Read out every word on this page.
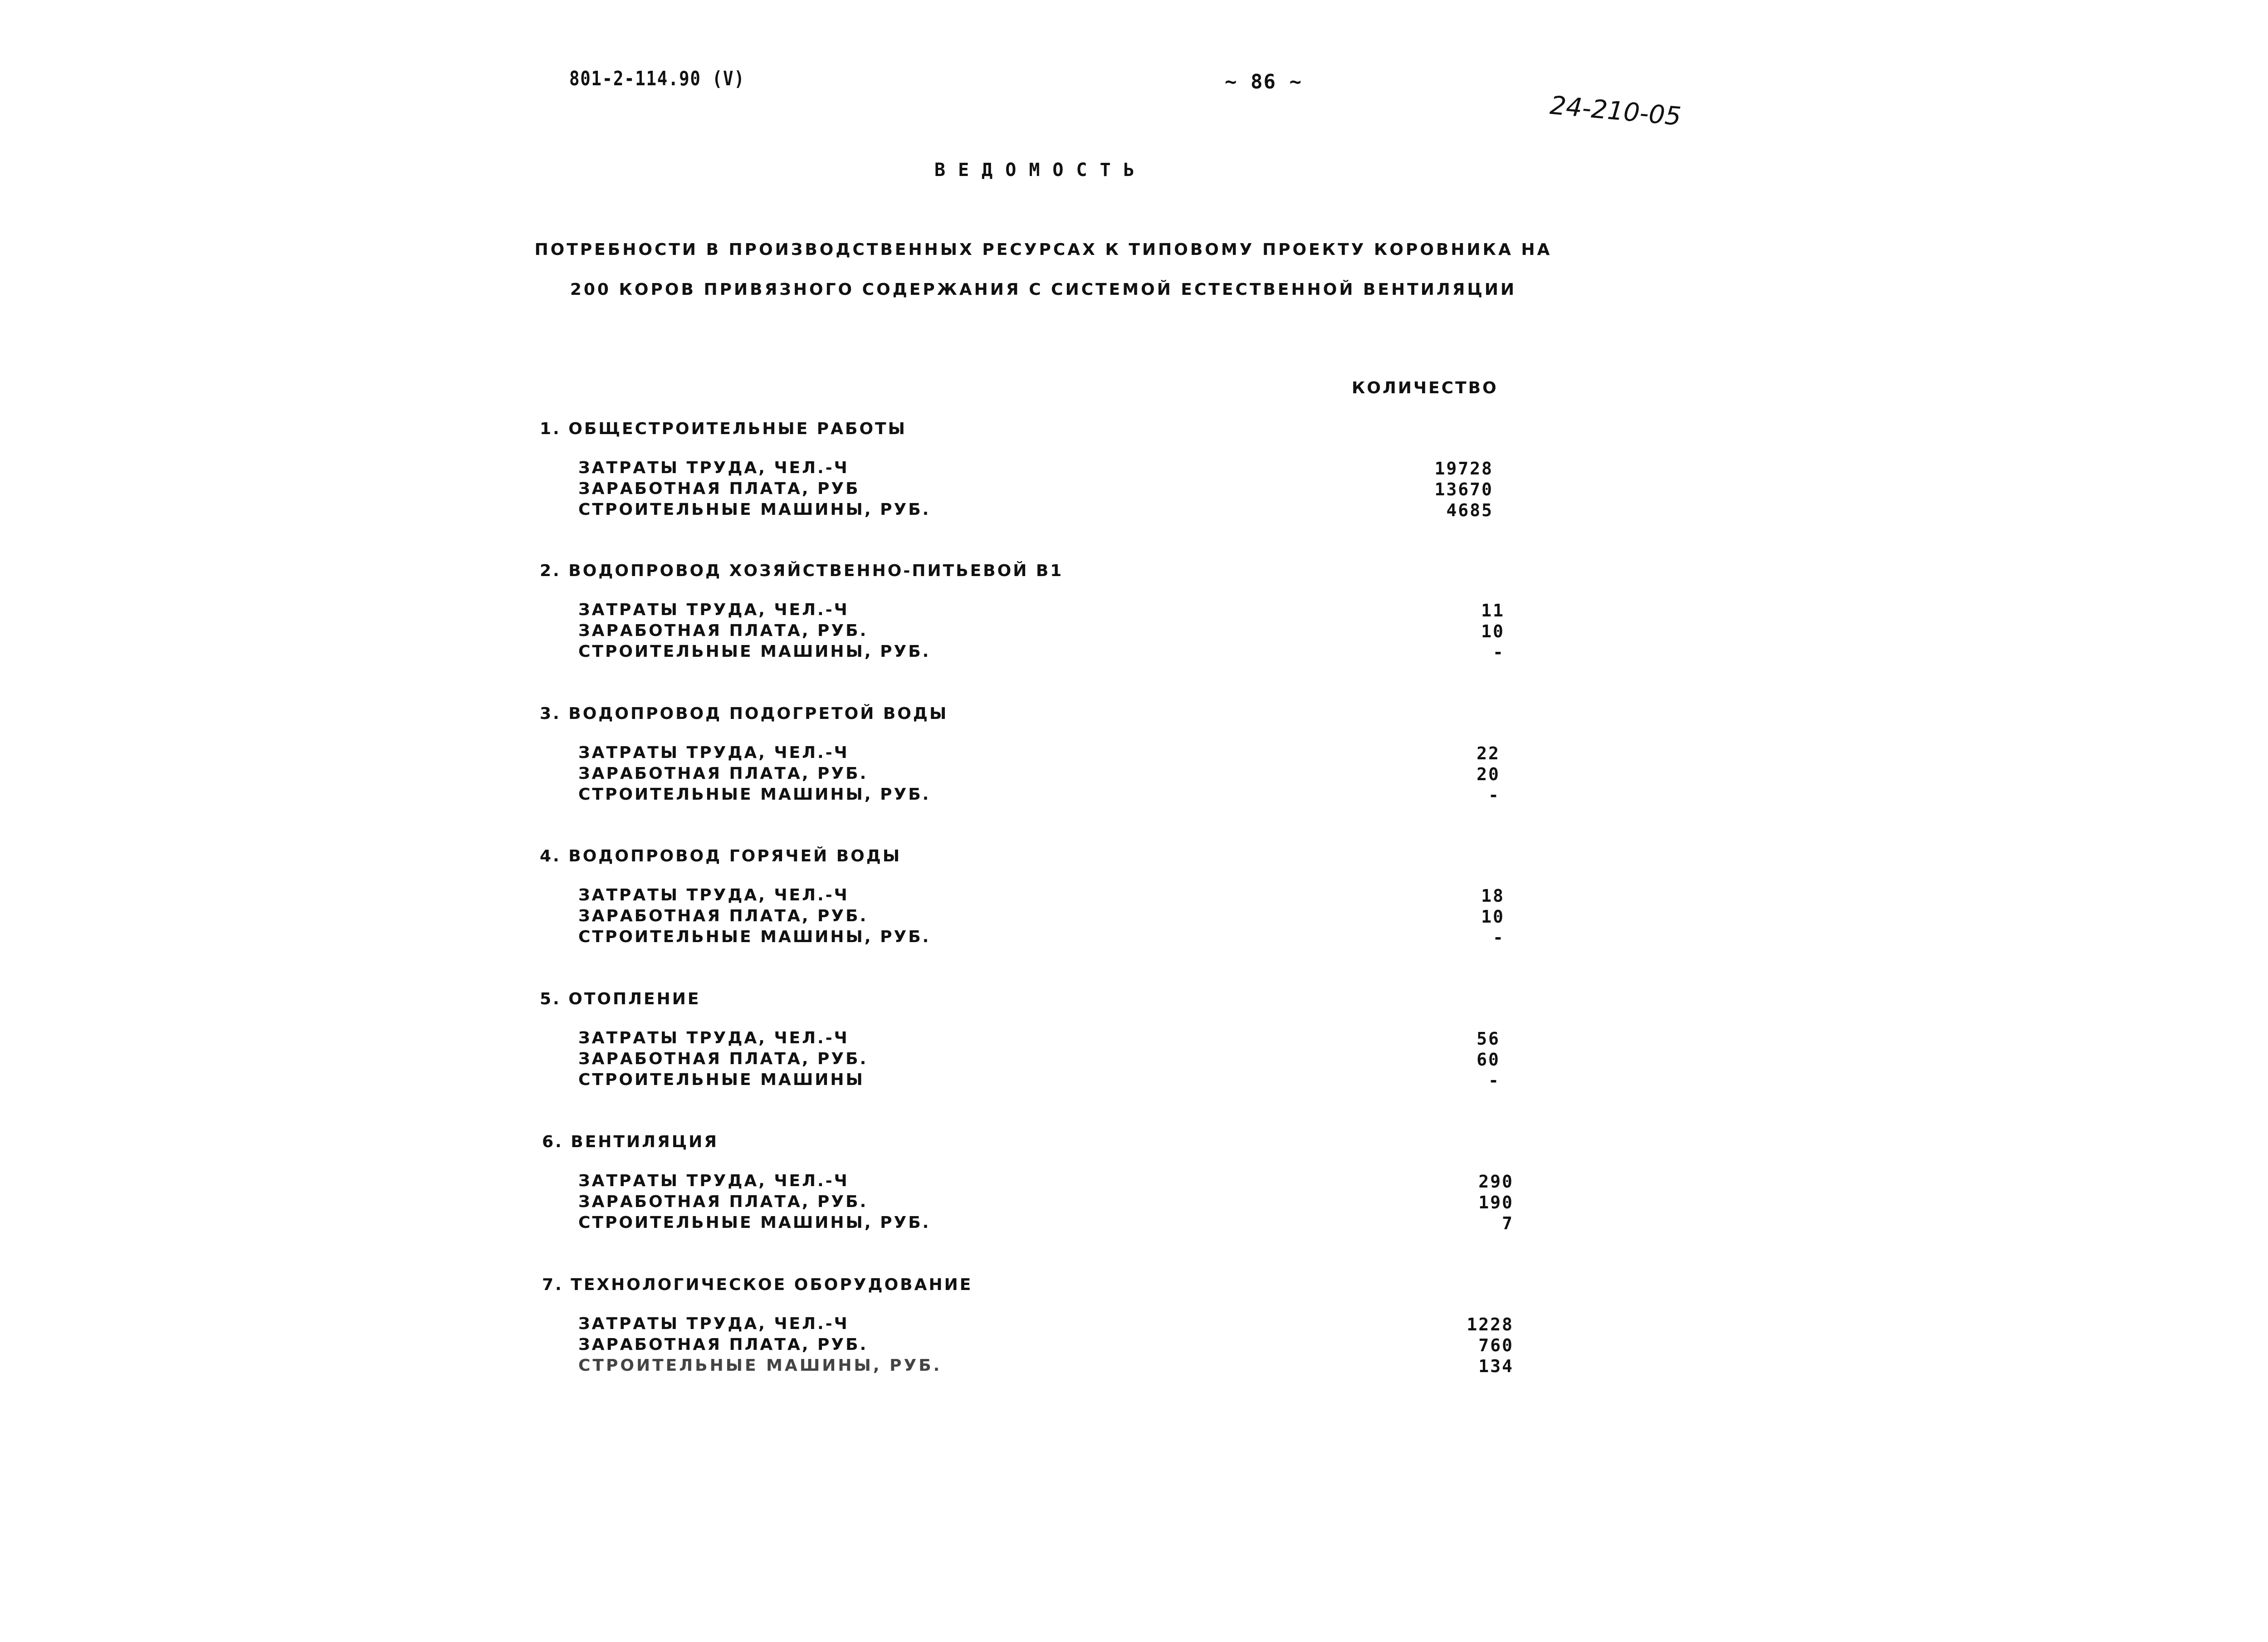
801-2-114.90 (V)	~ 86 ~
24-210-05
ВЕДОМОСТЬ
ПОТРЕБНОСТИ В ПРОИЗВОДСТВЕННЫХ РЕСУРСАХ К ТИПОВОМУ ПРОЕКТУ КОРОВНИКА НА
200 КОРОВ ПРИВЯЗНОГО СОДЕРЖАНИЯ С СИСТЕМОЙ ЕСТЕСТВЕННОЙ ВЕНТИЛЯЦИИ
КОЛИЧЕСТВО
1. ОБЩЕСТРОИТЕЛЬНЫЕ РАБОТЫ
ЗАТРАТЫ ТРУДА, ЧЕЛ.-Ч	19728
ЗАРАБОТНАЯ ПЛАТА, РУБ	13670
СТРОИТЕЛЬНЫЕ МАШИНЫ, РУБ.	4685
2. ВОДОПРОВОД ХОЗЯЙСТВЕННО-ПИТЬЕВОЙ В1
ЗАТРАТЫ ТРУДА, ЧЕЛ.-Ч	11
ЗАРАБОТНАЯ ПЛАТА, РУБ.	10
СТРОИТЕЛЬНЫЕ МАШИНЫ, РУБ.	-
3. ВОДОПРОВОД ПОДОГРЕТОЙ ВОДЫ
ЗАТРАТЫ ТРУДА, ЧЕЛ.-Ч	22
ЗАРАБОТНАЯ ПЛАТА, РУБ.	20
СТРОИТЕЛЬНЫЕ МАШИНЫ, РУБ.	-
4. ВОДОПРОВОД ГОРЯЧЕЙ ВОДЫ
ЗАТРАТЫ ТРУДА, ЧЕЛ.-Ч	18
ЗАРАБОТНАЯ ПЛАТА, РУБ.	10
СТРОИТЕЛЬНЫЕ МАШИНЫ, РУБ.	-
5. ОТОПЛЕНИЕ
ЗАТРАТЫ ТРУДА, ЧЕЛ.-Ч	56
ЗАРАБОТНАЯ ПЛАТА, РУБ.	60
СТРОИТЕЛЬНЫЕ МАШИНЫ	-
6. ВЕНТИЛЯЦИЯ
ЗАТРАТЫ ТРУДА, ЧЕЛ.-Ч	290
ЗАРАБОТНАЯ ПЛАТА, РУБ.	190
СТРОИТЕЛЬНЫЕ МАШИНЫ, РУБ.	7
7. ТЕХНОЛОГИЧЕСКОЕ ОБОРУДОВАНИЕ
ЗАТРАТЫ ТРУДА, ЧЕЛ.-Ч	1228
ЗАРАБОТНАЯ ПЛАТА, РУБ.	760
СТРОИТЕЛЬНЫЕ МАШИНЫ, РУБ.	134
